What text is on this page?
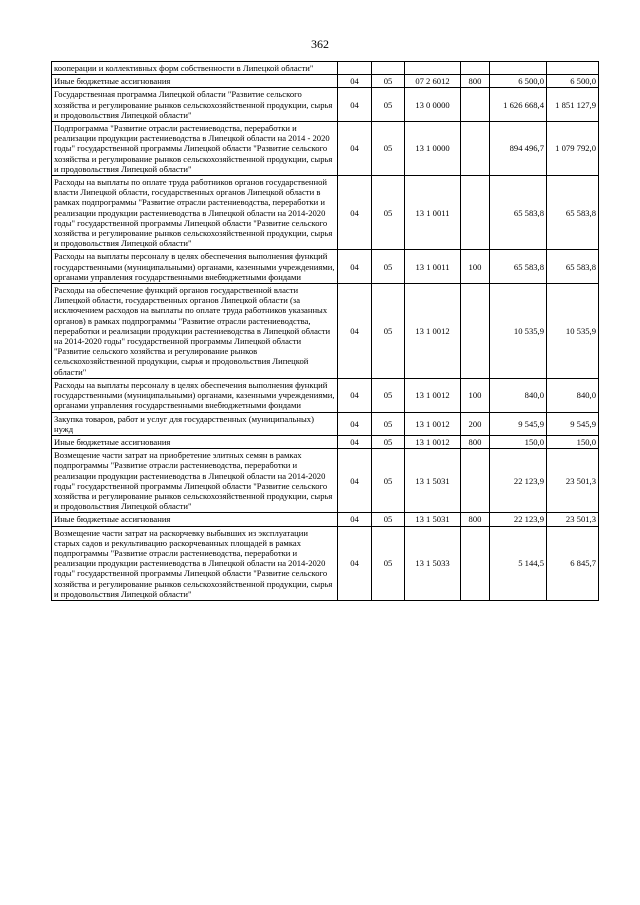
362
кооперации и коллективных форм собственности в Липецкой области"						
Иные бюджетные ассигнования	04	05	07 2 6012	800	6 500,0	6 500,0
Государственная программа Липецкой области "Развитие сельского хозяйства и регулирование рынков сельскохозяйственной продукции, сырья и продовольствия Липецкой области"	04	05	13 0 0000		1 626 668,4	1 851 127,9
Подпрограмма "Развитие отрасли растениеводства, переработки и реализации продукции растениеводства в Липецкой области на 2014 - 2020 годы" государственной программы Липецкой области "Развитие сельского хозяйства и регулирование рынков сельскохозяйственной продукции, сырья и продовольствия Липецкой области"	04	05	13 1 0000		894 496,7	1 079 792,0
Расходы на выплаты по оплате труда работников органов государственной власти Липецкой области, государственных органов Липецкой области в рамках подпрограммы "Развитие отрасли растениеводства, переработки и реализации продукции растениеводства в Липецкой области на 2014-2020 годы" государственной программы Липецкой области "Развитие сельского хозяйства и регулирование рынков сельскохозяйственной продукции, сырья и продовольствия Липецкой области"	04	05	13 1 0011		65 583,8	65 583,8
Расходы на выплаты персоналу в целях обеспечения выполнения функций государственными (муниципальными) органами, казенными учреждениями, органами управления государственными внебюджетными фондами	04	05	13 1 0011	100	65 583,8	65 583,8
Расходы на обеспечение функций органов государственной власти Липецкой области, государственных органов Липецкой области (за исключением расходов на выплаты по оплате труда работников указанных органов) в рамках подпрограммы "Развитие отрасли растениеводства, переработки и реализации продукции растениеводства в Липецкой области на 2014-2020 годы" государственной программы Липецкой области "Развитие сельского хозяйства и регулирование рынков сельскохозяйственной продукции, сырья и продовольствия Липецкой области"	04	05	13 1 0012		10 535,9	10 535,9
Расходы на выплаты персоналу в целях обеспечения выполнения функций государственными (муниципальными) органами, казенными учреждениями, органами управления государственными внебюджетными фондами	04	05	13 1 0012	100	840,0	840,0
Закупка товаров, работ и услуг для государственных (муниципальных) нужд	04	05	13 1 0012	200	9 545,9	9 545,9
Иные бюджетные ассигнования	04	05	13 1 0012	800	150,0	150,0
Возмещение части затрат на приобретение элитных семян в рамках подпрограммы "Развитие отрасли растениеводства, переработки и реализации продукции растениеводства в Липецкой области на 2014-2020 годы" государственной программы Липецкой области "Развитие сельского хозяйства и регулирование рынков сельскохозяйственной продукции, сырья и продовольствия Липецкой области"	04	05	13 1 5031		22 123,9	23 501,3
Иные бюджетные ассигнования	04	05	13 1 5031	800	22 123,9	23 501,3
Возмещение части затрат на раскорчевку выбывших из эксплуатации старых садов и рекультивацию раскорчеванных площадей в рамках подпрограммы "Развитие отрасли растениеводства, переработки и реализации продукции растениеводства в Липецкой области на 2014-2020 годы" государственной программы Липецкой области "Развитие сельского хозяйства и регулирование рынков сельскохозяйственной продукции, сырья и продовольствия Липецкой области"	04	05	13 1 5033		5 144,5	6 845,7
